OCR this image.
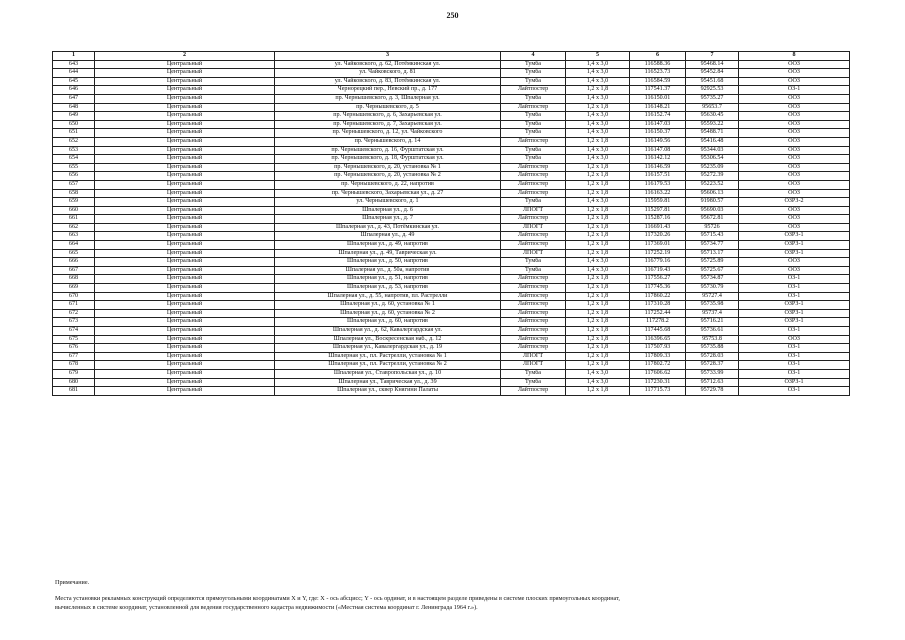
250
1	2	3	4	5	6	7	8
643	Центральный	ул. Чайковского, д. 62, Потёмкинская ул.	Тумба	1,4 x 3,0	116588.36	95468.14	ООЗ
644	Центральный	ул. Чайковского, д. 81	Тумба	1,4 x 3,0	116523.73	95452.84	ООЗ
645	Центральный	ул. Чайковского, д. 83, Потёмкинская ул.	Тумба	1,4 x 3,0	116584.59	95451.68	ООЗ
646	Центральный	Чернорецкий пер., Невский пр., д. 177	Лайтпостер	1,2 x 1,8	117541.37	92925.53	ОЗ-1
647	Центральный	пр. Чернышевского, д. 3, Шпалерная ул.	Тумба	1,4 x 3,0	116150.01	95735.27	ООЗ
648	Центральный	пр. Чернышевского, д. 5	Лайтпостер	1,2 x 1,8	116148.21	95653.7	ООЗ
649	Центральный	пр. Чернышевского, д. 6, Захарьевская ул.	Тумба	1,4 x 3,0	116152.74	95630.45	ООЗ
650	Центральный	пр. Чернышевского, д. 7, Захарьевская ул.	Тумба	1,4 x 3,0	116147.03	95593.22	ООЗ
651	Центральный	пр. Чернышевского, д. 12, ул. Чайковского	Тумба	1,4 x 3,0	116150.37	95488.71	ООЗ
652	Центральный	пр. Чернышевского, д. 14	Лайтпостер	1,2 x 1,8	116149.56	95416.48	ООЗ
653	Центральный	пр. Чернышевского, д. 16, Фурштатская ул.	Тумба	1,4 x 3,0	116147.08	95344.03	ООЗ
654	Центральный	пр. Чернышевского, д. 18, Фурштатская ул.	Тумба	1,4 x 3,0	116142.12	95306.54	ООЗ
655	Центральный	пр. Чернышевского, д. 20, установка № 1	Лайтпостер	1,2 x 1,8	116146.59	95235.09	ООЗ
656	Центральный	пр. Чернышевского, д. 20, установка № 2	Лайтпостер	1,2 x 1,8	116157.51	95272.39	ООЗ
657	Центральный	пр. Чернышевского, д. 22, напротив	Лайтпостер	1,2 x 1,8	116179.53	95223.52	ООЗ
658	Центральный	пр. Чернышевского, Захарьевская ул., д. 27	Лайтпостер	1,2 x 1,8	116163.22	95606.13	ООЗ
659	Центральный	ул. Чернышевского, д. 1	Тумба	1,4 x 3,0	115959.81	91980.57	ОЗРЗ-2
660	Центральный	Шпалерная ул., д. 6	ЛПОГТ	1,2 x 1,8	115297.81	95690.03	ООЗ
661	Центральный	Шпалерная ул., д. 7	Лайтпостер	1,2 x 1,8	115287.16	95672.81	ООЗ
662	Центральный	Шпалерная ул., д. 43, Потёмкинская ул.	ЛПОГТ	1,2 x 1,8	116691.43	95726	ООЗ
663	Центральный	Шпалерная ул., д. 49	Лайтпостер	1,2 x 1,8	117320.26	95715.43	ОЗРЗ-1
664	Центральный	Шпалерная ул., д. 49, напротив	Лайтпостер	1,2 x 1,8	117369.01	95734.77	ОЗРЗ-1
665	Центральный	Шпалерная ул., д. 49, Таврическая ул.	ЛПОГТ	1,2 x 1,8	117252.19	95713.17	ОЗРЗ-1
666	Центральный	Шпалерная ул., д. 50, напротив	Тумба	1,4 x 3,0	116779.16	95725.89	ООЗ
667	Центральный	Шпалерная ул., д. 50а, напротив	Тумба	1,4 x 3,0	116719.43	95725.67	ООЗ
668	Центральный	Шпалерная ул., д. 51, напротив	Лайтпостер	1,2 x 1,8	117556.27	95734.87	ОЗ-1
669	Центральный	Шпалерная ул., д. 53, напротив	Лайтпостер	1,2 x 1,8	117745.36	95730.79	ОЗ-1
670	Центральный	Шпалерная ул., д. 55, напротив, пл. Растрелли	Лайтпостер	1,2 x 1,8	117860.22	95727.4	ОЗ-1
671	Центральный	Шпалерная ул., д. 60, установка № 1	Лайтпостер	1,2 x 1,8	117310.28	95735.98	ОЗРЗ-1
672	Центральный	Шпалерная ул., д. 60, установка № 2	Лайтпостер	1,2 x 1,8	117252.44	95737.4	ОЗРЗ-1
673	Центральный	Шпалерная ул., д. 60, напротив	Лайтпостер	1,2 x 1,8	117278.2	95716.21	ОЗРЗ-1
674	Центральный	Шпалерная ул., д. 62, Кавалергардская ул.	Лайтпостер	1,2 x 1,8	117445.68	95736.61	ОЗ-1
675	Центральный	Шпалерная ул., Воскресенская наб., д. 12	Лайтпостер	1,2 x 1,8	116396.65	95753.8	ООЗ
676	Центральный	Шпалерная ул., Кавалергардская ул., д. 19	Лайтпостер	1,2 x 1,8	117507.93	95735.88	ОЗ-1
677	Центральный	Шпалерная ул., пл. Растрелли, установка № 1	ЛПОГТ	1,2 x 1,8	117809.33	95728.03	ОЗ-1
678	Центральный	Шпалерная ул., пл. Растрелли, установка № 2	ЛПОГТ	1,2 x 1,8	117802.72	95728.37	ОЗ-1
679	Центральный	Шпалерная ул., Ставропольская ул., д. 10	Тумба	1,4 x 3,0	117606.62	95733.99	ОЗ-1
680	Центральный	Шпалерная ул., Таврическая ул., д. 39	Тумба	1,4 x 3,0	117230.31	95712.63	ОЗРЗ-1
681	Центральный	Шпалерная ул., сквер Княгини Палаты	Лайтпостер	1,2 x 1,8	117715.73	95729.78	ОЗ-1

Примечание.

Места установки рекламных конструкций определяются прямоугольными координатами X и Y, где: X - ось абсцисс; Y - ось ординат, и в настоящем разделе приведены в системе плоских прямоугольных координат,

вычисленных в системе координат, установленной для ведения государственного кадастра недвижимости («Местная система координат г. Ленинграда 1964 г.»).
